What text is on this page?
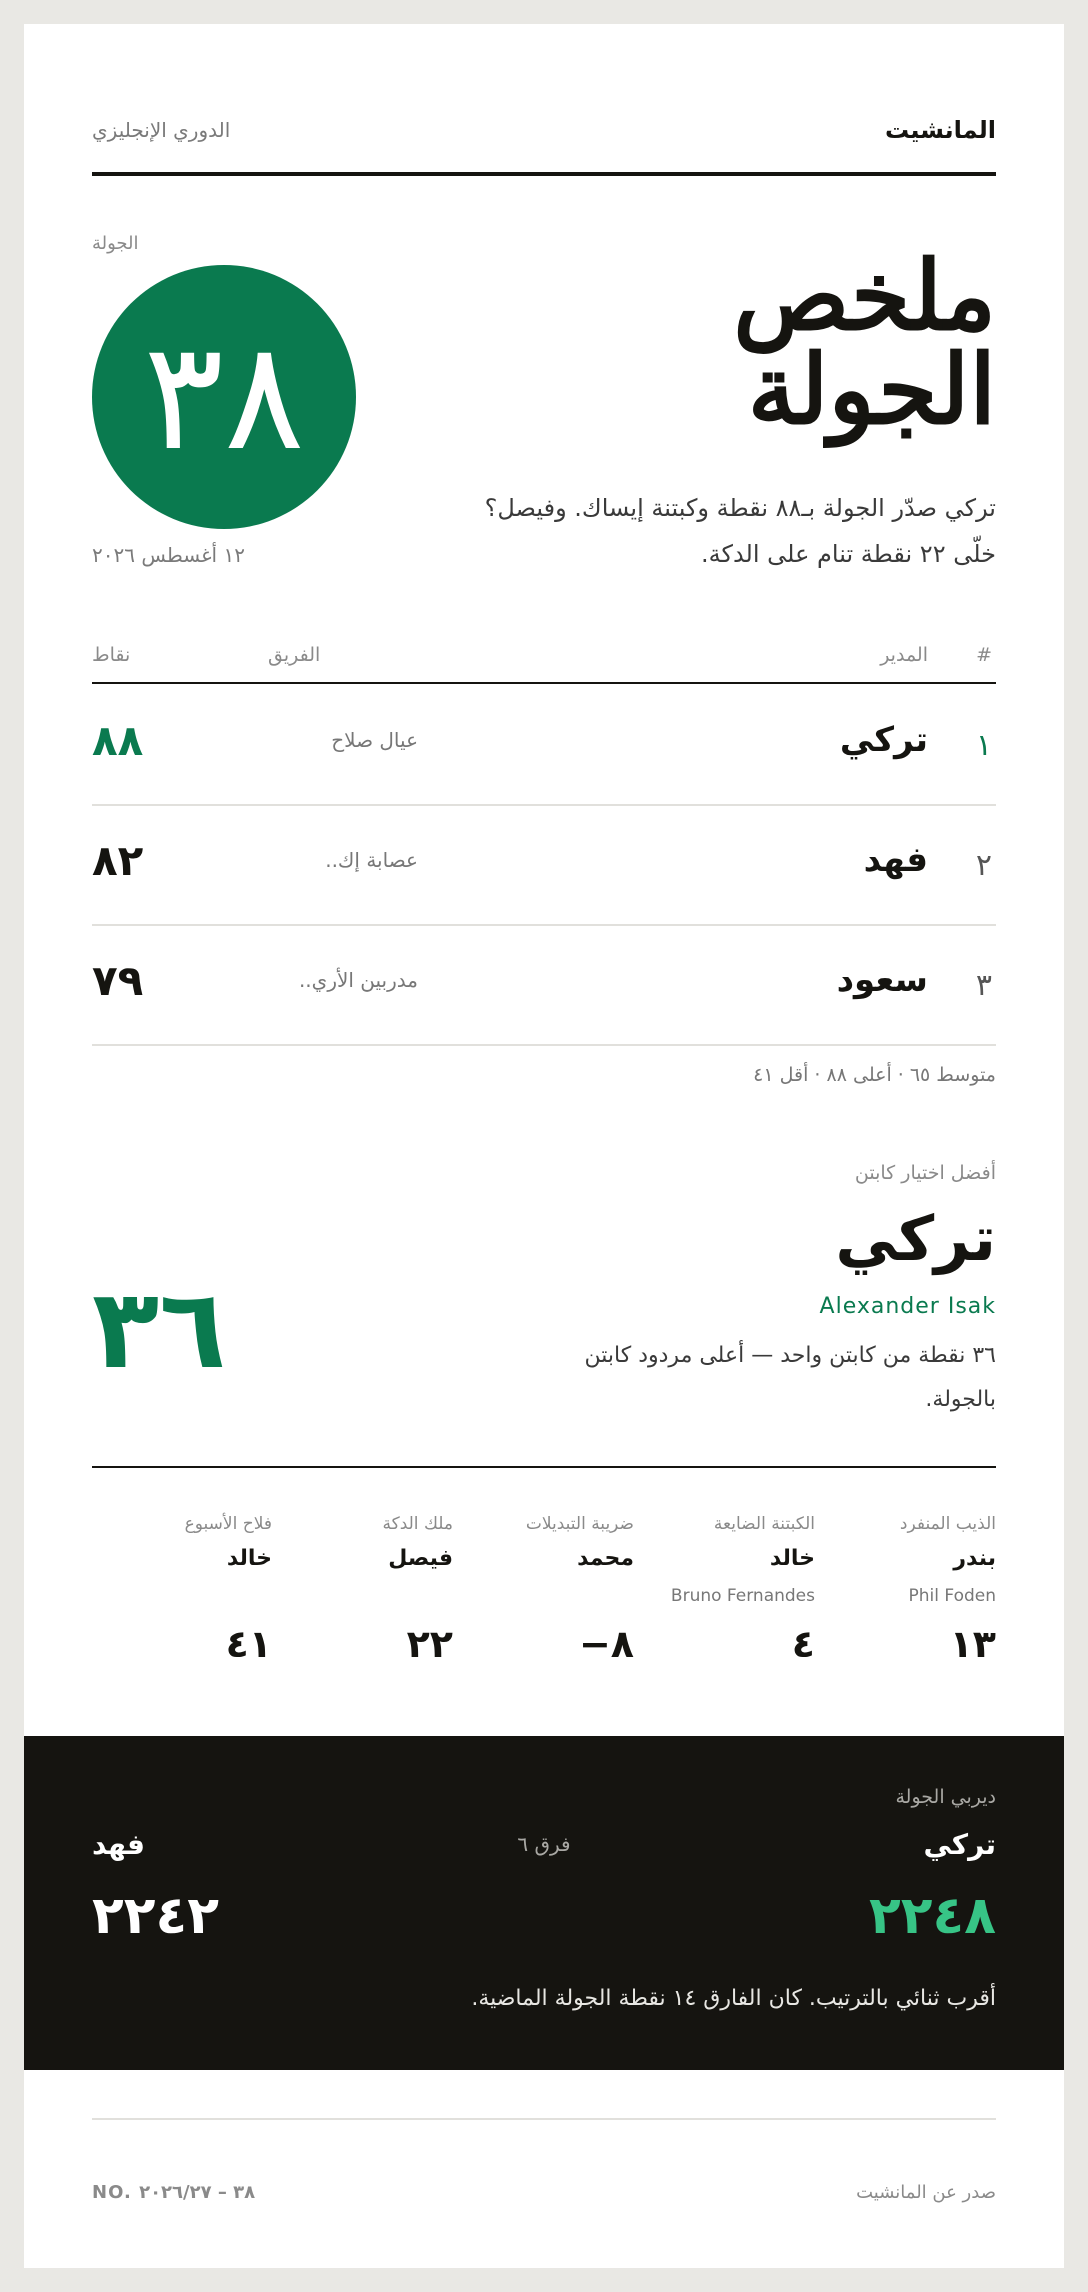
المانشيت
الدوري الإنجليزي
الجولة
٣٨
١٢ أغسطس ٢٠٢٦
ملخص الجولة

تركي صدّر الجولة بـ٨٨ نقطة وكبتنة إيساك. وفيصل؟ خلّى ٢٢ نقطة تنام على الدكة.

#
المدير
الفريق
نقاط
١
تركي
عيال صلاح
٨٨
٢
فهد
عصابة إك..
٨٢
٣
سعود
مدربين الأري..
٧٩
متوسط ٦٥ · أعلى ٨٨ · أقل ٤١
أفضل اختيار كابتن
تركي
Alexander Isak
٣٦ نقطة من كابتن واحد — أعلى مردود كابتن بالجولة.
٣٦
الذيب المنفرد
بندر
Phil Foden
١٣
الكبتنة الضايعة
خالد
Bruno Fernandes
٤
ضريبة التبديلات
محمد
٨−
ملك الدكة
فيصل
٢٢
فلاح الأسبوع
خالد
٤١
ديربي الجولة
تركي
فرق ٦
فهد
٢٢٤٨
٢٢٤٢
أقرب ثنائي بالترتيب. كان الفارق ١٤ نقطة الجولة الماضية.
صدر عن المانشيت
NO. ٣٨ – ٢٠٢٦/٢٧
